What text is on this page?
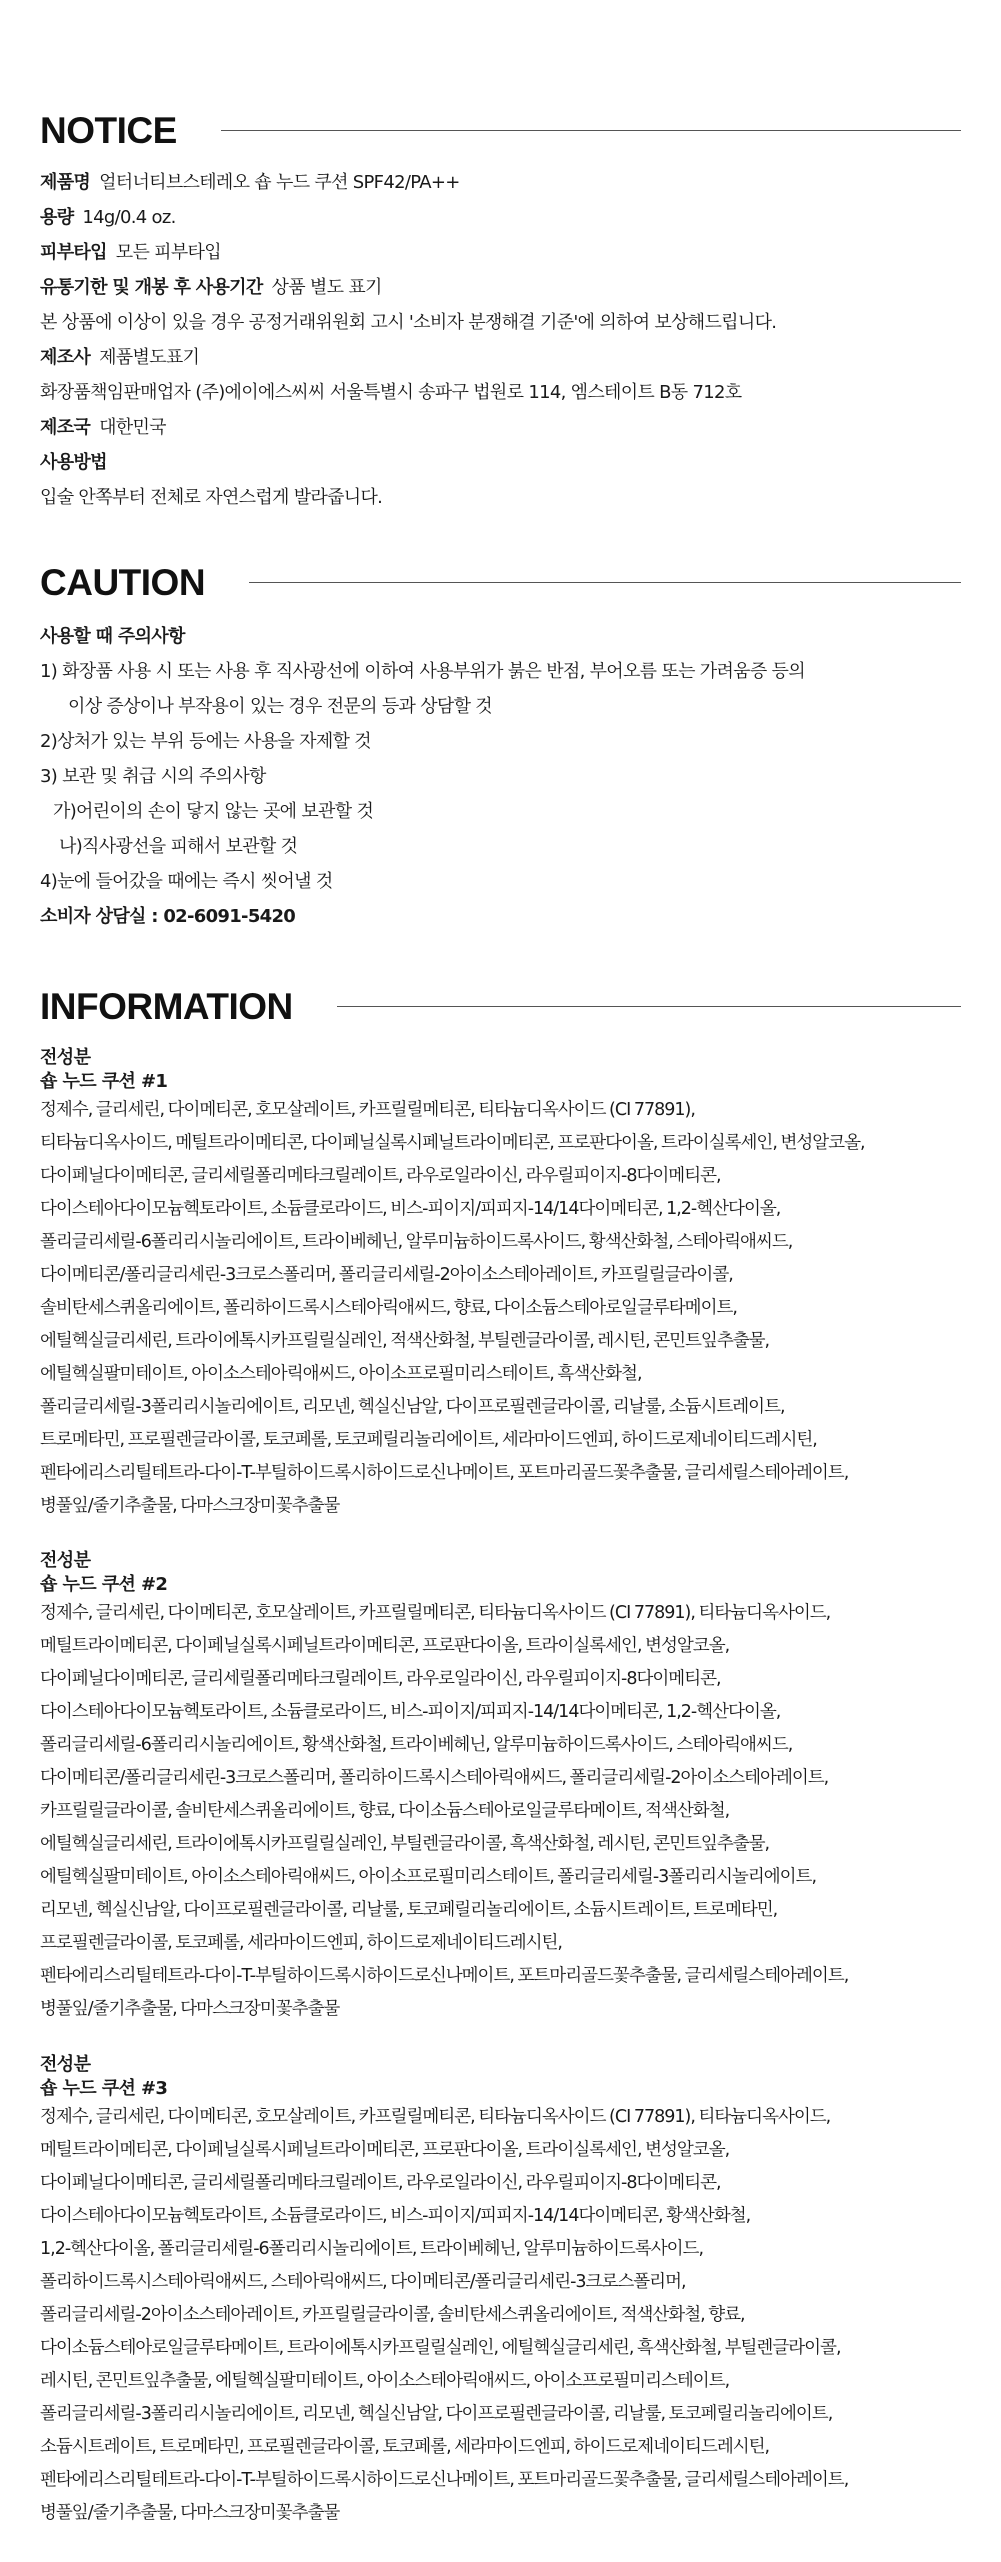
NOTICE
제품명 얼터너티브스테레오 숍 누드 쿠션 SPF42/PA++
용량 14g/0.4 oz.
피부타입 모든 피부타입
유통기한 및 개봉 후 사용기간 상품 별도 표기
본 상품에 이상이 있을 경우 공정거래위원회 고시 '소비자 분쟁해결 기준'에 의하여 보상해드립니다.
제조사 제품별도표기
화장품책임판매업자 (주)에이에스씨씨 서울특별시 송파구 법원로 114, 엠스테이트 B동 712호
제조국 대한민국
사용방법
입술 안쪽부터 전체로 자연스럽게 발라줍니다.
CAUTION
사용할 때 주의사항
1) 화장품 사용 시 또는 사용 후 직사광선에 이하여 사용부위가 붉은 반점, 부어오름 또는 가려움증 등의
이상 증상이나 부작용이 있는 경우 전문의 등과 상담할 것
2)상처가 있는 부위 등에는 사용을 자제할 것
3) 보관 및 취급 시의 주의사항
가)어린이의 손이 닿지 않는 곳에 보관할 것
나)직사광선을 피해서 보관할 것
4)눈에 들어갔을 때에는 즉시 씻어낼 것
소비자 상담실 : 02-6091-5420
INFORMATION
전성분
숍 누드 쿠션 #1
정제수, 글리세린, 다이메티콘, 호모살레이트, 카프릴릴메티콘, 티타늄디옥사이드 (CI 77891),
티타늄디옥사이드, 메틸트라이메티콘, 다이페닐실록시페닐트라이메티콘, 프로판다이올, 트라이실록세인, 변성알코올,
다이페닐다이메티콘, 글리세릴폴리메타크릴레이트, 라우로일라이신, 라우릴피이지-8다이메티콘,
다이스테아다이모늄헥토라이트, 소듐클로라이드, 비스-피이지/피피지-14/14다이메티콘, 1,2-헥산다이올,
폴리글리세릴-6폴리리시놀리에이트, 트라이베헤닌, 알루미늄하이드록사이드, 황색산화철, 스테아릭애씨드,
다이메티콘/폴리글리세린-3크로스폴리머, 폴리글리세릴-2아이소스테아레이트, 카프릴릴글라이콜,
솔비탄세스퀴올리에이트, 폴리하이드록시스테아릭애씨드, 향료, 다이소듐스테아로일글루타메이트,
에틸헥실글리세린, 트라이에톡시카프릴릴실레인, 적색산화철, 부틸렌글라이콜, 레시틴, 콘민트잎추출물,
에틸헥실팔미테이트, 아이소스테아릭애씨드, 아이소프로필미리스테이트, 흑색산화철,
폴리글리세릴-3폴리리시놀리에이트, 리모넨, 헥실신남알, 다이프로필렌글라이콜, 리날룰, 소듐시트레이트,
트로메타민, 프로필렌글라이콜, 토코페롤, 토코페릴리놀리에이트, 세라마이드엔피, 하이드로제네이티드레시틴,
펜타에리스리틸테트라-다이-T-부틸하이드록시하이드로신나메이트, 포트마리골드꽃추출물, 글리세릴스테아레이트,
병풀잎/줄기추출물, 다마스크장미꽃추출물
전성분
숍 누드 쿠션 #2
정제수, 글리세린, 다이메티콘, 호모살레이트, 카프릴릴메티콘, 티타늄디옥사이드 (CI 77891), 티타늄디옥사이드,
메틸트라이메티콘, 다이페닐실록시페닐트라이메티콘, 프로판다이올, 트라이실록세인, 변성알코올,
다이페닐다이메티콘, 글리세릴폴리메타크릴레이트, 라우로일라이신, 라우릴피이지-8다이메티콘,
다이스테아다이모늄헥토라이트, 소듐클로라이드, 비스-피이지/피피지-14/14다이메티콘, 1,2-헥산다이올,
폴리글리세릴-6폴리리시놀리에이트, 황색산화철, 트라이베헤닌, 알루미늄하이드록사이드, 스테아릭애씨드,
다이메티콘/폴리글리세린-3크로스폴리머, 폴리하이드록시스테아릭애씨드, 폴리글리세릴-2아이소스테아레이트,
카프릴릴글라이콜, 솔비탄세스퀴올리에이트, 향료, 다이소듐스테아로일글루타메이트, 적색산화철,
에틸헥실글리세린, 트라이에톡시카프릴릴실레인, 부틸렌글라이콜, 흑색산화철, 레시틴, 콘민트잎추출물,
에틸헥실팔미테이트, 아이소스테아릭애씨드, 아이소프로필미리스테이트, 폴리글리세릴-3폴리리시놀리에이트,
리모넨, 헥실신남알, 다이프로필렌글라이콜, 리날룰, 토코페릴리놀리에이트, 소듐시트레이트, 트로메타민,
프로필렌글라이콜, 토코페롤, 세라마이드엔피, 하이드로제네이티드레시틴,
펜타에리스리틸테트라-다이-T-부틸하이드록시하이드로신나메이트, 포트마리골드꽃추출물, 글리세릴스테아레이트,
병풀잎/줄기추출물, 다마스크장미꽃추출물
전성분
숍 누드 쿠션 #3
정제수, 글리세린, 다이메티콘, 호모살레이트, 카프릴릴메티콘, 티타늄디옥사이드 (CI 77891), 티타늄디옥사이드,
메틸트라이메티콘, 다이페닐실록시페닐트라이메티콘, 프로판다이올, 트라이실록세인, 변성알코올,
다이페닐다이메티콘, 글리세릴폴리메타크릴레이트, 라우로일라이신, 라우릴피이지-8다이메티콘,
다이스테아다이모늄헥토라이트, 소듐클로라이드, 비스-피이지/피피지-14/14다이메티콘, 황색산화철,
1,2-헥산다이올, 폴리글리세릴-6폴리리시놀리에이트, 트라이베헤닌, 알루미늄하이드록사이드,
폴리하이드록시스테아릭애씨드, 스테아릭애씨드, 다이메티콘/폴리글리세린-3크로스폴리머,
폴리글리세릴-2아이소스테아레이트, 카프릴릴글라이콜, 솔비탄세스퀴올리에이트, 적색산화철, 향료,
다이소듐스테아로일글루타메이트, 트라이에톡시카프릴릴실레인, 에틸헥실글리세린, 흑색산화철, 부틸렌글라이콜,
레시틴, 콘민트잎추출물, 에틸헥실팔미테이트, 아이소스테아릭애씨드, 아이소프로필미리스테이트,
폴리글리세릴-3폴리리시놀리에이트, 리모넨, 헥실신남알, 다이프로필렌글라이콜, 리날룰, 토코페릴리놀리에이트,
소듐시트레이트, 트로메타민, 프로필렌글라이콜, 토코페롤, 세라마이드엔피, 하이드로제네이티드레시틴,
펜타에리스리틸테트라-다이-T-부틸하이드록시하이드로신나메이트, 포트마리골드꽃추출물, 글리세릴스테아레이트,
병풀잎/줄기추출물, 다마스크장미꽃추출물
